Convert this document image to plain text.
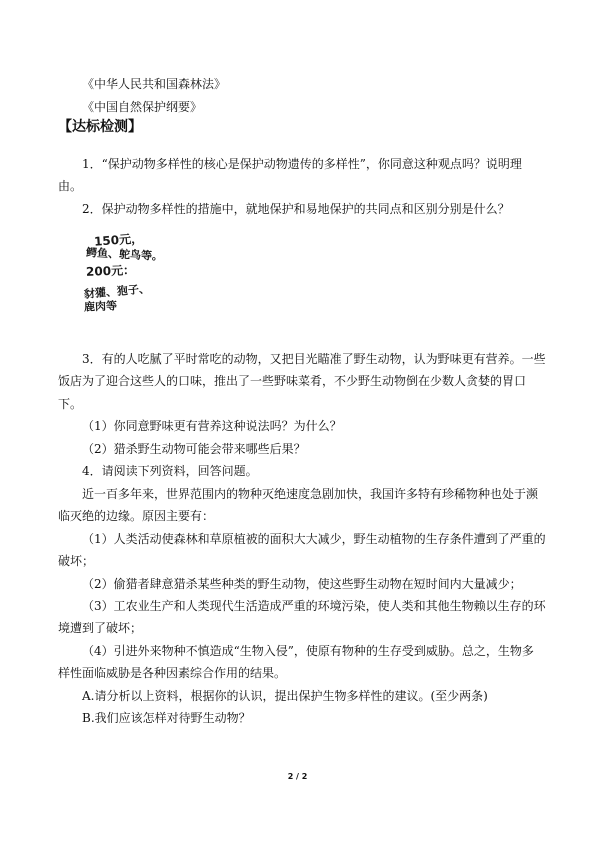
《中华人民共和国森林法》
《中国自然保护纲要》
【达标检测】
1．“保护动物多样性的核心是保护动物遗传的多样性”，你同意这种观点吗？说明理
由。
2．保护动物多样性的措施中，就地保护和易地保护的共同点和区别分别是什么？
150元，
鳄鱼、鸵鸟等。
200元：
豺獾、狍子、
鹿肉等
3．有的人吃腻了平时常吃的动物，又把目光瞄准了野生动物，认为野味更有营养。一些
饭店为了迎合这些人的口味，推出了一些野味菜肴，不少野生动物倒在少数人贪婪的胃口
下。
（1）你同意野味更有营养这种说法吗？为什么？
（2）猎杀野生动物可能会带来哪些后果？
4．请阅读下列资料，回答问题。
近一百多年来，世界范围内的物种灭绝速度急剧加快，我国许多特有珍稀物种也处于濒
临灭绝的边缘。原因主要有：
（1）人类活动使森林和草原植被的面积大大减少，野生动植物的生存条件遭到了严重的
破坏；
（2）偷猎者肆意猎杀某些种类的野生动物，使这些野生动物在短时间内大量减少；
（3）工农业生产和人类现代生活造成严重的环境污染，使人类和其他生物赖以生存的环
境遭到了破坏；
（4）引进外来物种不慎造成“生物入侵”，使原有物种的生存受到威胁。总之，生物多
样性面临威胁是各种因素综合作用的结果。
A.请分析以上资料，根据你的认识，提出保护生物多样性的建议。(至少两条)
B.我们应该怎样对待野生动物？
2 / 2
